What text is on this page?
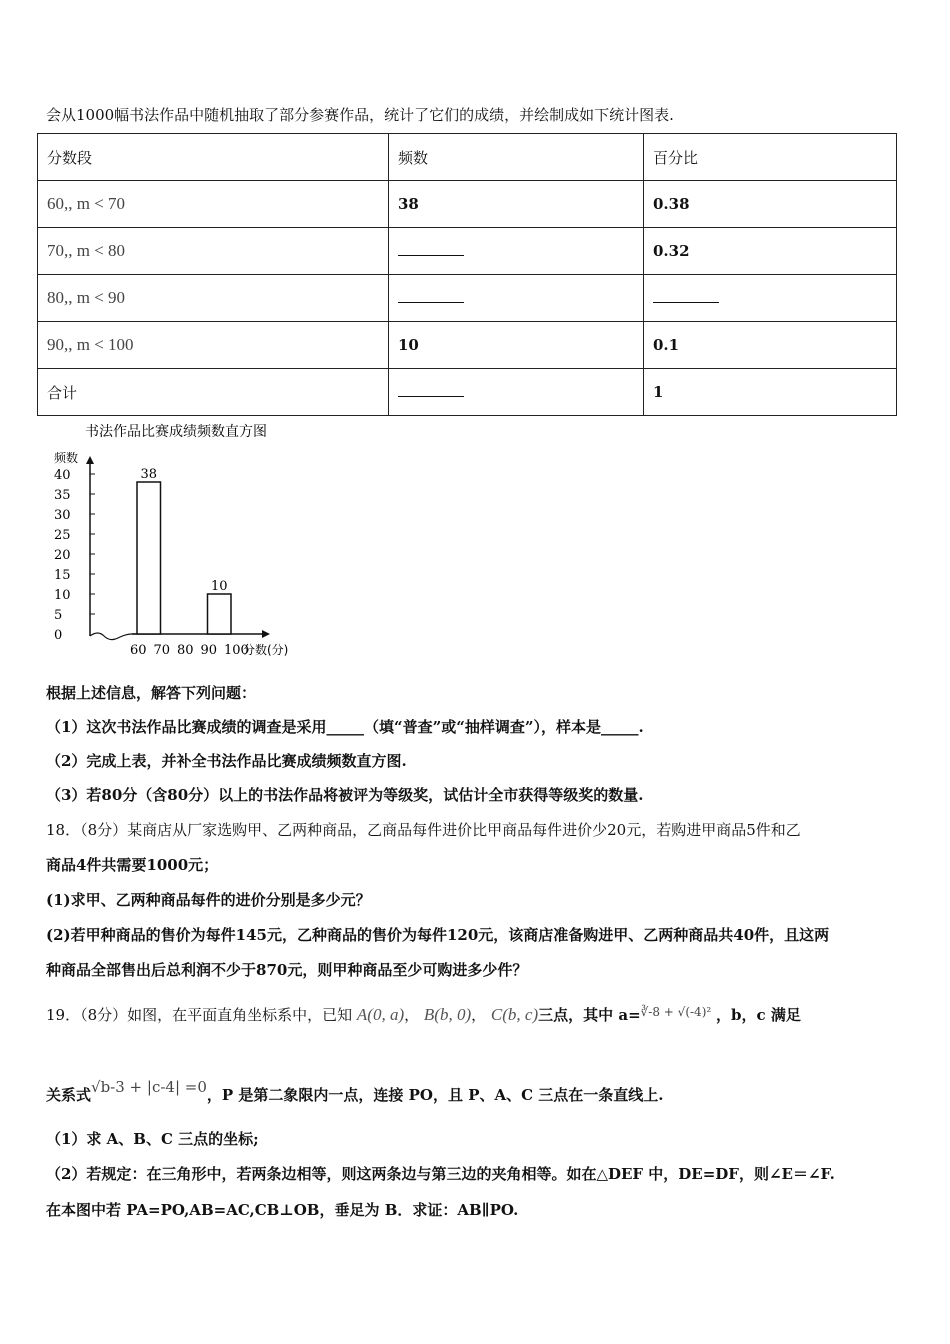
会从1000幅书法作品中随机抽取了部分参赛作品，统计了它们的成绩，并绘制成如下统计图表.
分数段	频数	百分比
60,, m < 70	38	0.38
70,, m < 80		0.32
80,, m < 90		
90,, m < 100	10	0.1
合计		1
书法作品比赛成绩频数直方图
频数
0
5
10
15
20
25
30
35
40
60 70 80 90 100
分数(分)
38
10
根据上述信息，解答下列问题：
（1）这次书法作品比赛成绩的调查是采用_____（填“普查”或“抽样调查”），样本是_____.
（2）完成上表，并补全书法作品比赛成绩频数直方图.
（3）若80分（含80分）以上的书法作品将被评为等级奖，试估计全市获得等级奖的数量.
18．（8分）某商店从厂家选购甲、乙两种商品，乙商品每件进价比甲商品每件进价少20元，若购进甲商品5件和乙
商品4件共需要1000元；
(1)求甲、乙两种商品每件的进价分别是多少元？
(2)若甲种商品的售价为每件145元，乙种商品的售价为每件120元，该商店准备购进甲、乙两种商品共40件，且这两
种商品全部售出后总利润不少于870元，则甲种商品至少可购进多少件？
19．（8分）如图，在平面直角坐标系中，已知 A(0, a)， B(b, 0)， C(b, c)三点，其中 a=$^{∛-8 + √(-4)^2}$ ，b，c 满足
关系式√b-3 + |c-4| =0，P 是第二象限内一点，连接 PO，且 P、A、C 三点在一条直线上.
（1）求 A、B、C 三点的坐标;
（2）若规定：在三角形中，若两条边相等，则这两条边与第三边的夹角相等。如在△DEF 中，DE=DF，则∠E＝∠F.
在本图中若 PA=PO,AB=AC,CB⊥OB，垂足为 B．求证：AB∥PO.
